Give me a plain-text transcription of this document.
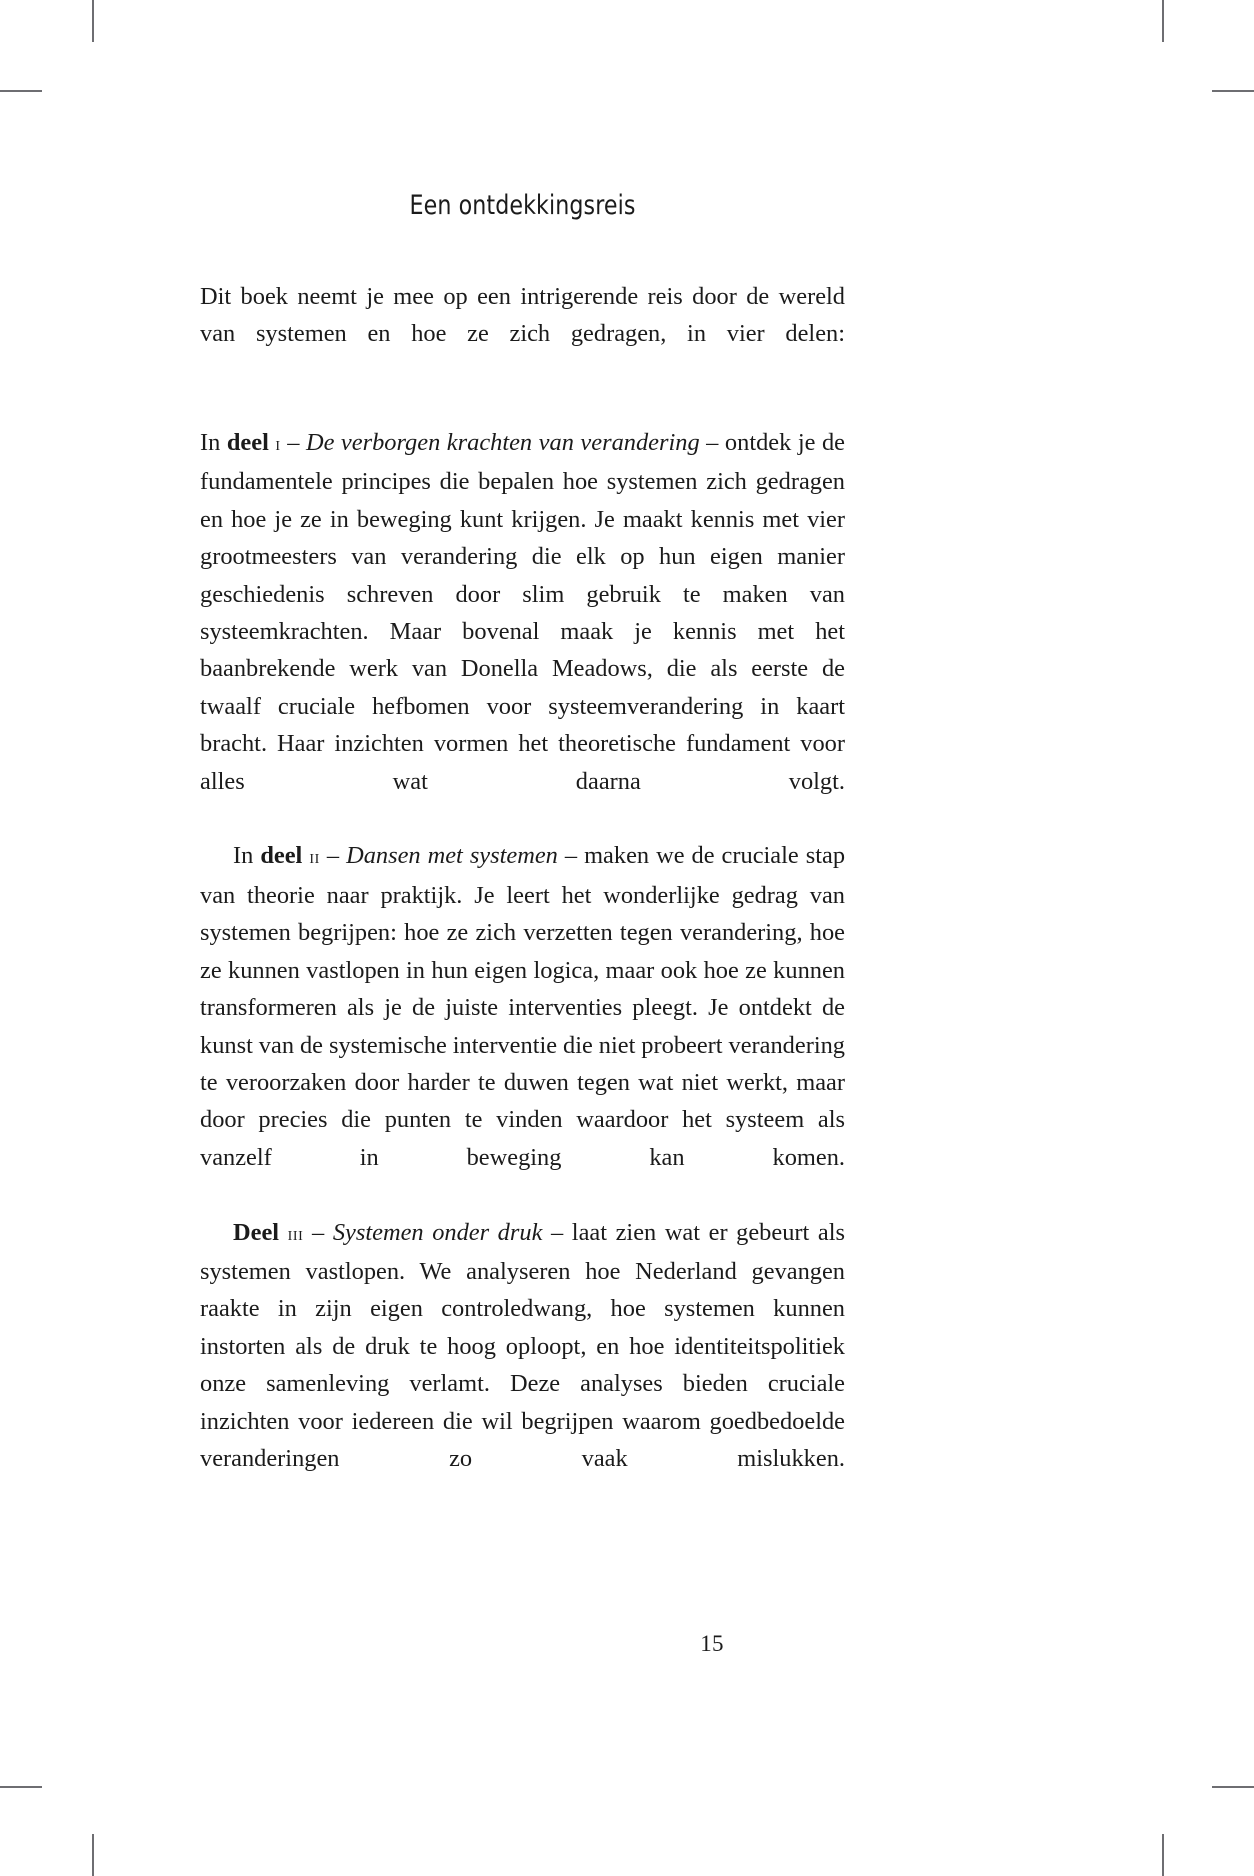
Een ontdekkingsreis

Dit boek neemt je mee op een intrigerende reis door de wereld van systemen en hoe ze zich gedragen, in vier delen:

In deel i – De verborgen krachten van verandering – ontdek je de fundamentele principes die bepalen hoe systemen zich gedragen en hoe je ze in beweging kunt krijgen. Je maakt kennis met vier grootmeesters van verandering die elk op hun eigen manier geschiedenis schreven door slim gebruik te maken van systeemkrachten. Maar bovenal maak je kennis met het baanbrekende werk van Donella Meadows, die als eerste de twaalf cruciale hefbomen voor systeemverandering in kaart bracht. Haar inzichten vormen het theoretische fundament voor alles wat daarna volgt.

In deel ii – Dansen met systemen – maken we de cruciale stap van theorie naar praktijk. Je leert het wonderlijke gedrag van systemen begrijpen: hoe ze zich verzetten tegen verandering, hoe ze kunnen vastlopen in hun eigen logica, maar ook hoe ze kunnen transformeren als je de juiste interventies pleegt. Je ontdekt de kunst van de systemische interventie die niet probeert verandering te veroorzaken door harder te duwen tegen wat niet werkt, maar door precies die punten te vinden waardoor het systeem als vanzelf in beweging kan komen.

Deel iii – Systemen onder druk – laat zien wat er gebeurt als systemen vastlopen. We analyseren hoe Nederland gevangen raakte in zijn eigen controledwang, hoe systemen kunnen instorten als de druk te hoog oploopt, en hoe identiteitspolitiek onze samenleving verlamt. Deze analyses bieden cruciale inzichten voor iedereen die wil begrijpen waarom goedbedoelde veranderingen zo vaak mislukken.

15
